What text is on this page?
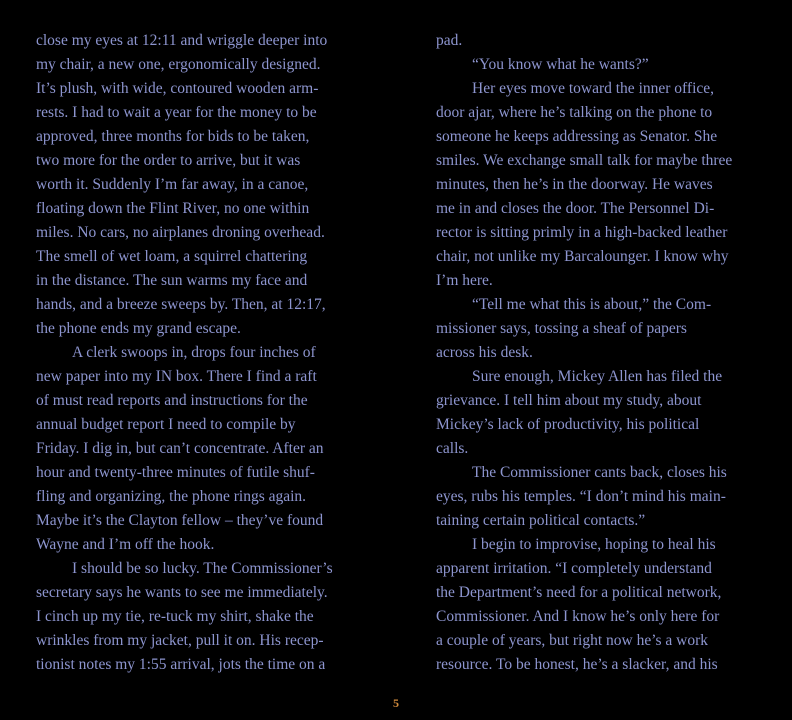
close my eyes at 12:11 and wriggle deeper into
my chair, a new one, ergonomically designed.
It’s plush, with wide, contoured wooden arm-
rests. I had to wait a year for the money to be
approved, three months for bids to be taken,
two more for the order to arrive, but it was
worth it. Suddenly I’m far away, in a canoe,
floating down the Flint River, no one within
miles. No cars, no airplanes droning overhead.
The smell of wet loam, a squirrel chattering
in the distance. The sun warms my face and
hands, and a breeze sweeps by. Then, at 12:17,
the phone ends my grand escape.
A clerk swoops in, drops four inches of
new paper into my IN box. There I find a raft
of must read reports and instructions for the
annual budget report I need to compile by
Friday. I dig in, but can’t concentrate. After an
hour and twenty-three minutes of futile shuf-
fling and organizing, the phone rings again.
Maybe it’s the Clayton fellow – they’ve found
Wayne and I’m off the hook.
I should be so lucky. The Commissioner’s
secretary says he wants to see me immediately.
I cinch up my tie, re-tuck my shirt, shake the
wrinkles from my jacket, pull it on. His recep-
tionist notes my 1:55 arrival, jots the time on a
pad.
“You know what he wants?”
Her eyes move toward the inner office,
door ajar, where he’s talking on the phone to
someone he keeps addressing as Senator. She
smiles. We exchange small talk for maybe three
minutes, then he’s in the doorway. He waves
me in and closes the door. The Personnel Di-
rector is sitting primly in a high-backed leather
chair, not unlike my Barcalounger. I know why
I’m here.
“Tell me what this is about,” the Com-
missioner says, tossing a sheaf of papers
across his desk.
Sure enough, Mickey Allen has filed the
grievance. I tell him about my study, about
Mickey’s lack of productivity, his political
calls.
The Commissioner cants back, closes his
eyes, rubs his temples. “I don’t mind his main-
taining certain political contacts.”
I begin to improvise, hoping to heal his
apparent irritation. “I completely understand
the Department’s need for a political network,
Commissioner. And I know he’s only here for
a couple of years, but right now he’s a work
resource. To be honest, he’s a slacker, and his
5
